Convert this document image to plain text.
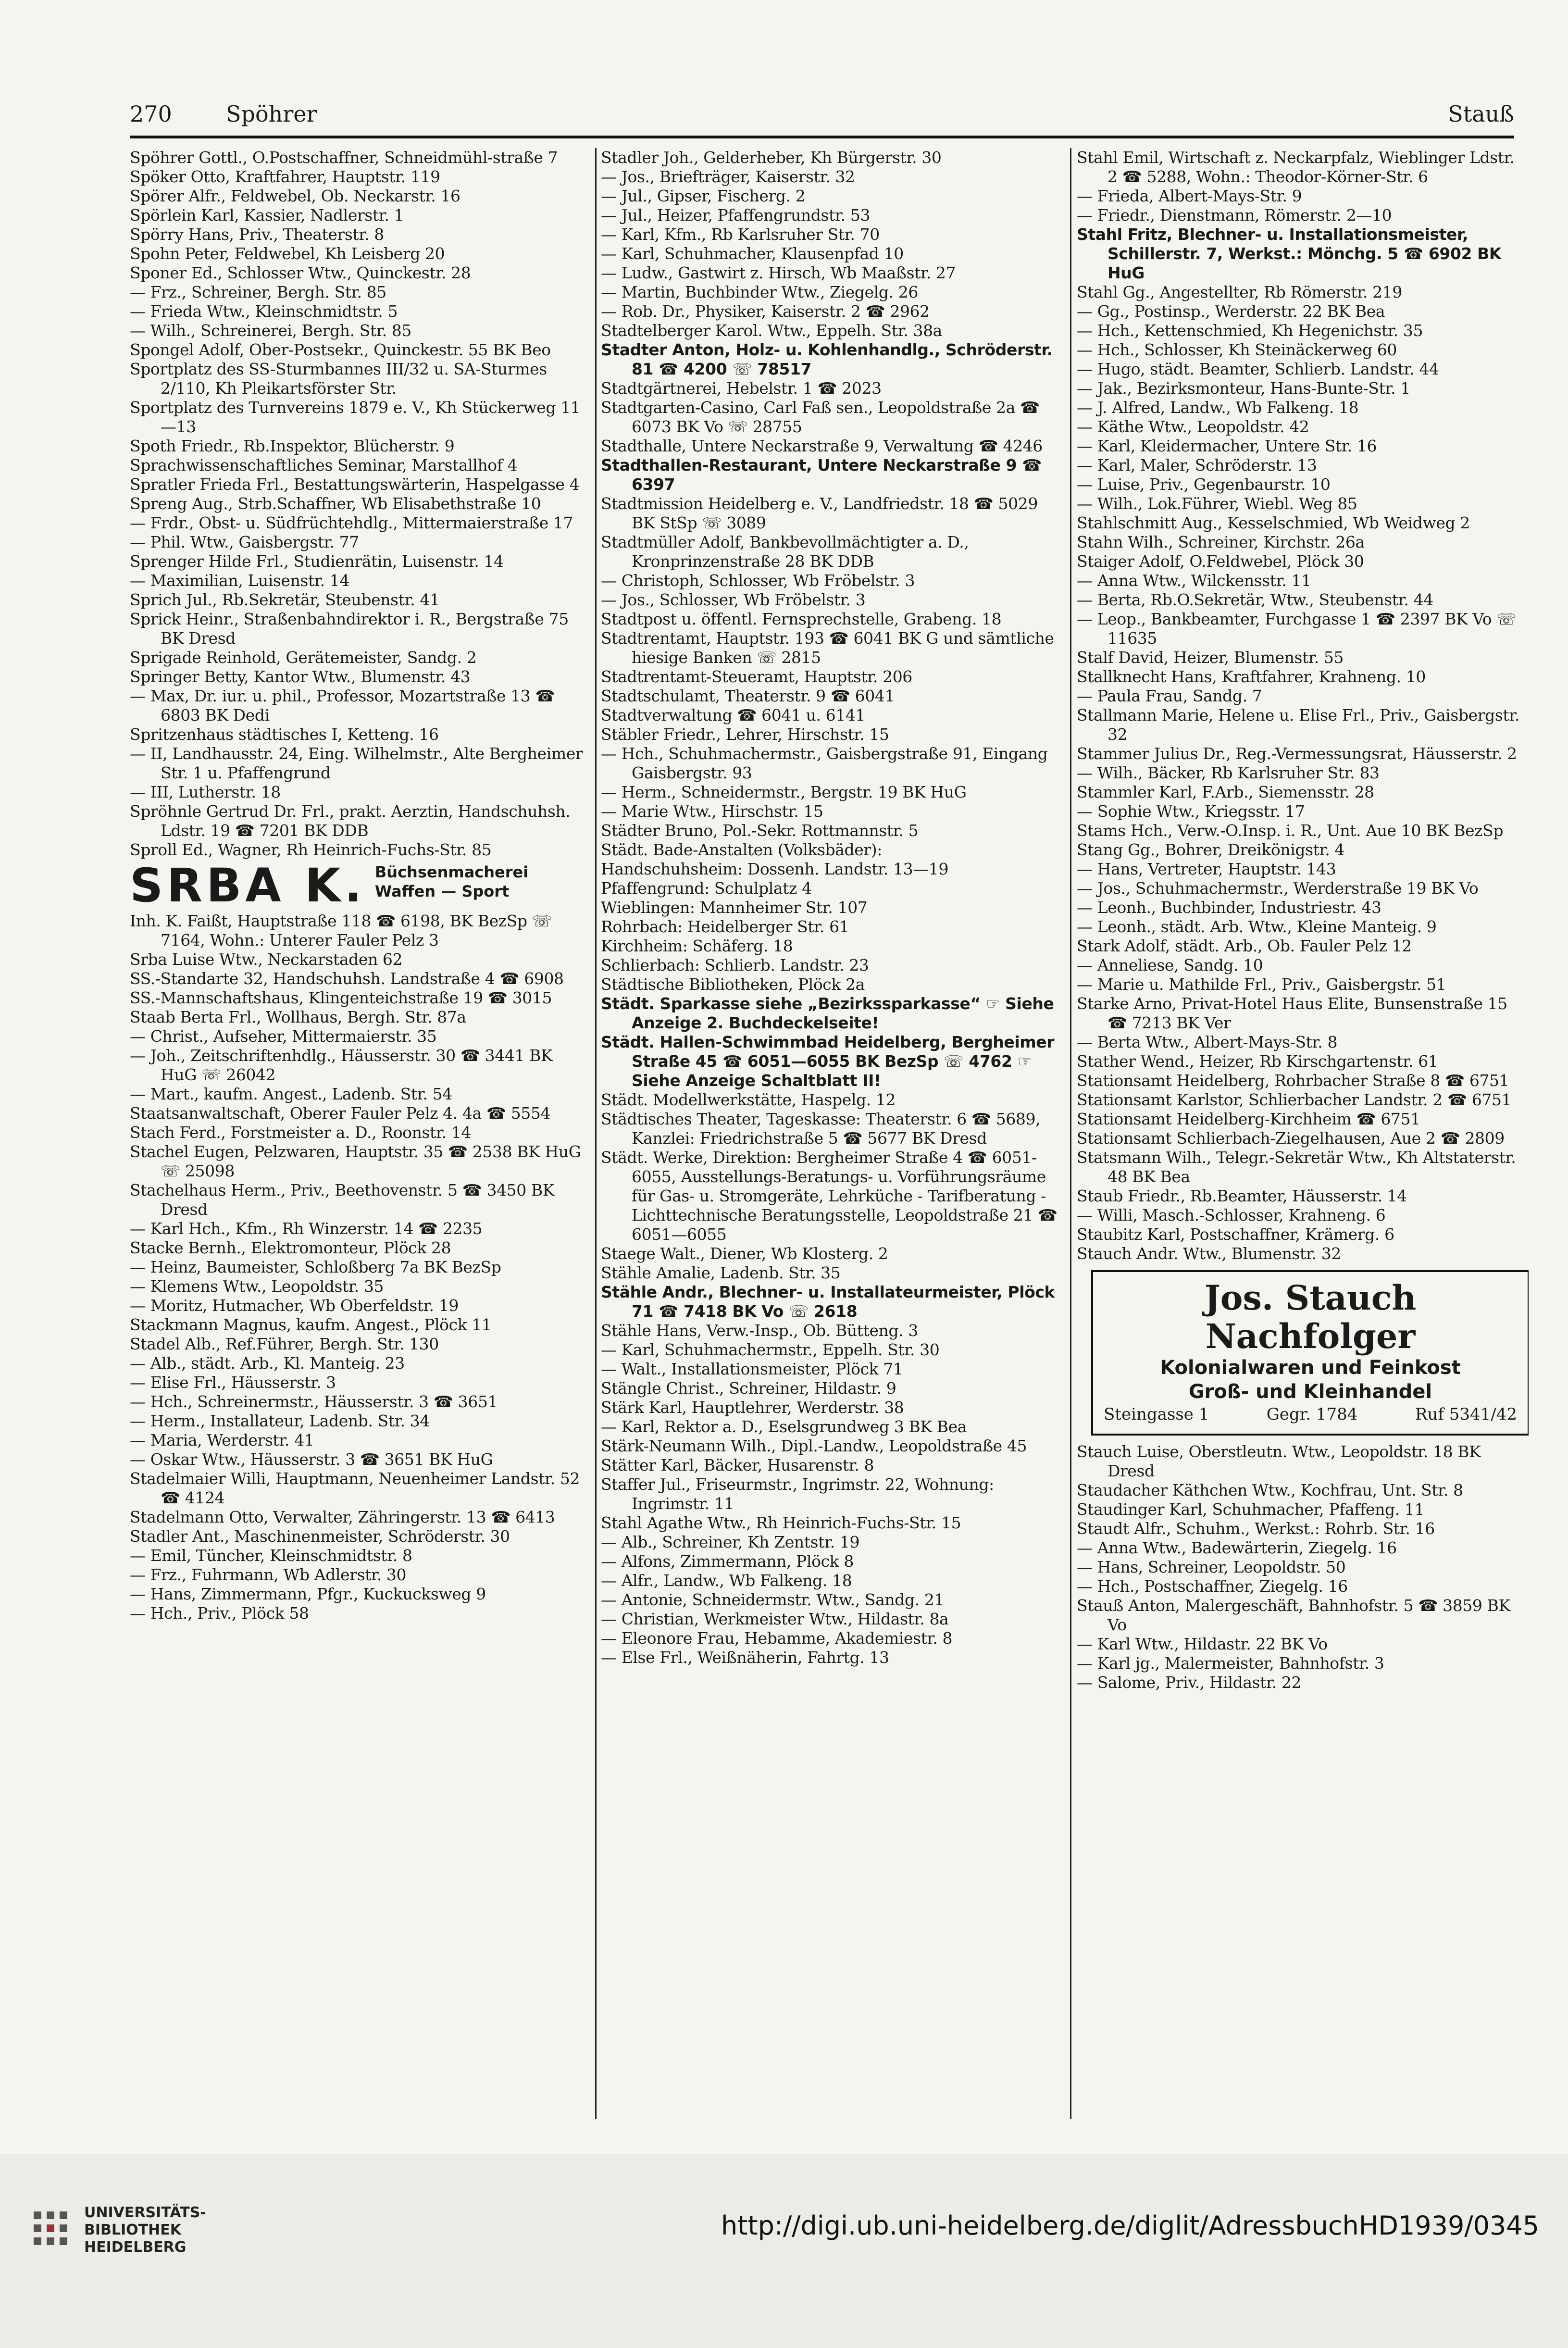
270 Spöhrer	Stauß

Spöhrer Gottl., O.Postschaffner, Schneidmühl-straße 7

Spöker Otto, Kraftfahrer, Hauptstr. 119

Spörer Alfr., Feldwebel, Ob. Neckarstr. 16

Spörlein Karl, Kassier, Nadlerstr. 1

Spörry Hans, Priv., Theaterstr. 8

Spohn Peter, Feldwebel, Kh Leisberg 20

Sponer Ed., Schlosser Wtw., Quinckestr. 28

— Frz., Schreiner, Bergh. Str. 85

— Frieda Wtw., Kleinschmidtstr. 5

— Wilh., Schreinerei, Bergh. Str. 85

Spongel Adolf, Ober-Postsekr., Quinckestr. 55 BK Beo

Sportplatz des SS-Sturmbannes III/32 u. SA-Sturmes 2/110, Kh Pleikartsförster Str.

Sportplatz des Turnvereins 1879 e. V., Kh Stückerweg 11—13

Spoth Friedr., Rb.Inspektor, Blücherstr. 9

Sprachwissenschaftliches Seminar, Marstallhof 4

Spratler Frieda Frl., Bestattungswärterin, Haspelgasse 4

Spreng Aug., Strb.Schaffner, Wb Elisabethstraße 10

— Frdr., Obst- u. Südfrüchtehdlg., Mittermaierstraße 17

— Phil. Wtw., Gaisbergstr. 77

Sprenger Hilde Frl., Studienrätin, Luisenstr. 14

— Maximilian, Luisenstr. 14

Sprich Jul., Rb.Sekretär, Steubenstr. 41

Sprick Heinr., Straßenbahndirektor i. R., Bergstraße 75 BK Dresd

Sprigade Reinhold, Gerätemeister, Sandg. 2

Springer Betty, Kantor Wtw., Blumenstr. 43

— Max, Dr. iur. u. phil., Professor, Mozartstraße 13 ☎ 6803 BK Dedi

Spritzenhaus städtisches I, Ketteng. 16

— II, Landhausstr. 24, Eing. Wilhelmstr., Alte Bergheimer Str. 1 u. Pfaffengrund

— III, Lutherstr. 18

Spröhnle Gertrud Dr. Frl., prakt. Aerztin, Handschuhsh. Ldstr. 19 ☎ 7201 BK DDB

Sproll Ed., Wagner, Rh Heinrich-Fuchs-Str. 85

SRBA K. Büchsenmacherei
Waffen — Sport

Inh. K. Faißt, Hauptstraße 118 ☎ 6198, BK BezSp ☏ 7164, Wohn.: Unterer Fauler Pelz 3

Srba Luise Wtw., Neckarstaden 62

SS.-Standarte 32, Handschuhsh. Landstraße 4 ☎ 6908

SS.-Mannschaftshaus, Klingenteichstraße 19 ☎ 3015

Staab Berta Frl., Wollhaus, Bergh. Str. 87a

— Christ., Aufseher, Mittermaierstr. 35

— Joh., Zeitschriftenhdlg., Häusserstr. 30 ☎ 3441 BK HuG ☏ 26042

— Mart., kaufm. Angest., Ladenb. Str. 54

Staatsanwaltschaft, Oberer Fauler Pelz 4. 4a ☎ 5554

Stach Ferd., Forstmeister a. D., Roonstr. 14

Stachel Eugen, Pelzwaren, Hauptstr. 35 ☎ 2538 BK HuG ☏ 25098

Stachelhaus Herm., Priv., Beethovenstr. 5 ☎ 3450 BK Dresd

— Karl Hch., Kfm., Rh Winzerstr. 14 ☎ 2235

Stacke Bernh., Elektromonteur, Plöck 28

— Heinz, Baumeister, Schloßberg 7a BK BezSp

— Klemens Wtw., Leopoldstr. 35

— Moritz, Hutmacher, Wb Oberfeldstr. 19

Stackmann Magnus, kaufm. Angest., Plöck 11

Stadel Alb., Ref.Führer, Bergh. Str. 130

— Alb., städt. Arb., Kl. Manteig. 23

— Elise Frl., Häusserstr. 3

— Hch., Schreinermstr., Häusserstr. 3 ☎ 3651

— Herm., Installateur, Ladenb. Str. 34

— Maria, Werderstr. 41

— Oskar Wtw., Häusserstr. 3 ☎ 3651 BK HuG

Stadelmaier Willi, Hauptmann, Neuenheimer Landstr. 52 ☎ 4124

Stadelmann Otto, Verwalter, Zähringerstr. 13 ☎ 6413

Stadler Ant., Maschinenmeister, Schröderstr. 30

— Emil, Tüncher, Kleinschmidtstr. 8

— Frz., Fuhrmann, Wb Adlerstr. 30

— Hans, Zimmermann, Pfgr., Kuckucksweg 9

— Hch., Priv., Plöck 58

Stadler Joh., Gelderheber, Kh Bürgerstr. 30

— Jos., Briefträger, Kaiserstr. 32

— Jul., Gipser, Fischerg. 2

— Jul., Heizer, Pfaffengrundstr. 53

— Karl, Kfm., Rb Karlsruher Str. 70

— Karl, Schuhmacher, Klausenpfad 10

— Ludw., Gastwirt z. Hirsch, Wb Maaßstr. 27

— Martin, Buchbinder Wtw., Ziegelg. 26

— Rob. Dr., Physiker, Kaiserstr. 2 ☎ 2962

Stadtelberger Karol. Wtw., Eppelh. Str. 38a

Stadter Anton, Holz- u. Kohlenhandlg., Schröderstr. 81 ☎ 4200 ☏ 78517

Stadtgärtnerei, Hebelstr. 1 ☎ 2023

Stadtgarten-Casino, Carl Faß sen., Leopoldstraße 2a ☎ 6073 BK Vo ☏ 28755

Stadthalle, Untere Neckarstraße 9, Verwaltung ☎ 4246

Stadthallen-Restaurant, Untere Neckarstraße 9 ☎ 6397

Stadtmission Heidelberg e. V., Landfriedstr. 18 ☎ 5029 BK StSp ☏ 3089

Stadtmüller Adolf, Bankbevollmächtigter a. D., Kronprinzenstraße 28 BK DDB

— Christoph, Schlosser, Wb Fröbelstr. 3

— Jos., Schlosser, Wb Fröbelstr. 3

Stadtpost u. öffentl. Fernsprechstelle, Grabeng. 18

Stadtrentamt, Hauptstr. 193 ☎ 6041 BK G und sämtliche hiesige Banken ☏ 2815

Stadtrentamt-Steueramt, Hauptstr. 206

Stadtschulamt, Theaterstr. 9 ☎ 6041

Stadtverwaltung ☎ 6041 u. 6141

Stäbler Friedr., Lehrer, Hirschstr. 15

— Hch., Schuhmachermstr., Gaisbergstraße 91, Eingang Gaisbergstr. 93

— Herm., Schneidermstr., Bergstr. 19 BK HuG

— Marie Wtw., Hirschstr. 15

Städter Bruno, Pol.-Sekr. Rottmannstr. 5

Städt. Bade-Anstalten (Volksbäder):

Handschuhsheim: Dossenh. Landstr. 13—19

Pfaffengrund: Schulplatz 4

Wieblingen: Mannheimer Str. 107

Rohrbach: Heidelberger Str. 61

Kirchheim: Schäferg. 18

Schlierbach: Schlierb. Landstr. 23

Städtische Bibliotheken, Plöck 2a

Städt. Sparkasse siehe „Bezirkssparkasse“ ☞ Siehe Anzeige 2. Buchdeckelseite!

Städt. Hallen-Schwimmbad Heidelberg, Bergheimer Straße 45 ☎ 6051—6055 BK BezSp ☏ 4762 ☞ Siehe Anzeige Schaltblatt II!

Städt. Modellwerkstätte, Haspelg. 12

Städtisches Theater, Tageskasse: Theaterstr. 6 ☎ 5689, Kanzlei: Friedrichstraße 5 ☎ 5677 BK Dresd

Städt. Werke, Direktion: Bergheimer Straße 4 ☎ 6051-6055, Ausstellungs-Beratungs- u. Vorführungsräume für Gas- u. Stromgeräte, Lehrküche - Tarifberatung - Lichttechnische Beratungsstelle, Leopoldstraße 21 ☎ 6051—6055

Staege Walt., Diener, Wb Klosterg. 2

Stähle Amalie, Ladenb. Str. 35

Stähle Andr., Blechner- u. Installateurmeister, Plöck 71 ☎ 7418 BK Vo ☏ 2618

Stähle Hans, Verw.-Insp., Ob. Bütteng. 3

— Karl, Schuhmachermstr., Eppelh. Str. 30

— Walt., Installationsmeister, Plöck 71

Stängle Christ., Schreiner, Hildastr. 9

Stärk Karl, Hauptlehrer, Werderstr. 38

— Karl, Rektor a. D., Eselsgrundweg 3 BK Bea

Stärk-Neumann Wilh., Dipl.-Landw., Leopoldstraße 45

Stätter Karl, Bäcker, Husarenstr. 8

Staffer Jul., Friseurmstr., Ingrimstr. 22, Wohnung: Ingrimstr. 11

Stahl Agathe Wtw., Rh Heinrich-Fuchs-Str. 15

— Alb., Schreiner, Kh Zentstr. 19

— Alfons, Zimmermann, Plöck 8

— Alfr., Landw., Wb Falkeng. 18

— Antonie, Schneidermstr. Wtw., Sandg. 21

— Christian, Werkmeister Wtw., Hildastr. 8a

— Eleonore Frau, Hebamme, Akademiestr. 8

— Else Frl., Weißnäherin, Fahrtg. 13

Stahl Emil, Wirtschaft z. Neckarpfalz, Wieblinger Ldstr. 2 ☎ 5288, Wohn.: Theodor-Körner-Str. 6

— Frieda, Albert-Mays-Str. 9

— Friedr., Dienstmann, Römerstr. 2—10

Stahl Fritz, Blechner- u. Installationsmeister, Schillerstr. 7, Werkst.: Mönchg. 5 ☎ 6902 BK HuG

Stahl Gg., Angestellter, Rb Römerstr. 219

— Gg., Postinsp., Werderstr. 22 BK Bea

— Hch., Kettenschmied, Kh Hegenichstr. 35

— Hch., Schlosser, Kh Steinäckerweg 60

— Hugo, städt. Beamter, Schlierb. Landstr. 44

— Jak., Bezirksmonteur, Hans-Bunte-Str. 1

— J. Alfred, Landw., Wb Falkeng. 18

— Käthe Wtw., Leopoldstr. 42

— Karl, Kleidermacher, Untere Str. 16

— Karl, Maler, Schröderstr. 13

— Luise, Priv., Gegenbaurstr. 10

— Wilh., Lok.Führer, Wiebl. Weg 85

Stahlschmitt Aug., Kesselschmied, Wb Weidweg 2

Stahn Wilh., Schreiner, Kirchstr. 26a

Staiger Adolf, O.Feldwebel, Plöck 30

— Anna Wtw., Wilckensstr. 11

— Berta, Rb.O.Sekretär, Wtw., Steubenstr. 44

— Leop., Bankbeamter, Furchgasse 1 ☎ 2397 BK Vo ☏ 11635

Stalf David, Heizer, Blumenstr. 55

Stallknecht Hans, Kraftfahrer, Krahneng. 10

— Paula Frau, Sandg. 7

Stallmann Marie, Helene u. Elise Frl., Priv., Gaisbergstr. 32

Stammer Julius Dr., Reg.-Vermessungsrat, Häusserstr. 2

— Wilh., Bäcker, Rb Karlsruher Str. 83

Stammler Karl, F.Arb., Siemensstr. 28

— Sophie Wtw., Kriegsstr. 17

Stams Hch., Verw.-O.Insp. i. R., Unt. Aue 10 BK BezSp

Stang Gg., Bohrer, Dreikönigstr. 4

— Hans, Vertreter, Hauptstr. 143

— Jos., Schuhmachermstr., Werderstraße 19 BK Vo

— Leonh., Buchbinder, Industriestr. 43

— Leonh., städt. Arb. Wtw., Kleine Manteig. 9

Stark Adolf, städt. Arb., Ob. Fauler Pelz 12

— Anneliese, Sandg. 10

— Marie u. Mathilde Frl., Priv., Gaisbergstr. 51

Starke Arno, Privat-Hotel Haus Elite, Bunsenstraße 15 ☎ 7213 BK Ver

— Berta Wtw., Albert-Mays-Str. 8

Stather Wend., Heizer, Rb Kirschgartenstr. 61

Stationsamt Heidelberg, Rohrbacher Straße 8 ☎ 6751

Stationsamt Karlstor, Schlierbacher Landstr. 2 ☎ 6751

Stationsamt Heidelberg-Kirchheim ☎ 6751

Stationsamt Schlierbach-Ziegelhausen, Aue 2 ☎ 2809

Statsmann Wilh., Telegr.-Sekretär Wtw., Kh Altstaterstr. 48 BK Bea

Staub Friedr., Rb.Beamter, Häusserstr. 14

— Willi, Masch.-Schlosser, Krahneng. 6

Staubitz Karl, Postschaffner, Krämerg. 6

Stauch Andr. Wtw., Blumenstr. 32

Jos. Stauch Nachfolger
Kolonialwaren und Feinkost
Groß- und Kleinhandel
Steingasse 1	Gegr. 1784	Ruf 5341/42

Stauch Luise, Oberstleutn. Wtw., Leopoldstr. 18 BK Dresd

Staudacher Käthchen Wtw., Kochfrau, Unt. Str. 8

Staudinger Karl, Schuhmacher, Pfaffeng. 11

Staudt Alfr., Schuhm., Werkst.: Rohrb. Str. 16

— Anna Wtw., Badewärterin, Ziegelg. 16

— Hans, Schreiner, Leopoldstr. 50

— Hch., Postschaffner, Ziegelg. 16

Stauß Anton, Malergeschäft, Bahnhofstr. 5 ☎ 3859 BK Vo

— Karl Wtw., Hildastr. 22 BK Vo

— Karl jg., Malermeister, Bahnhofstr. 3

— Salome, Priv., Hildastr. 22

UNIVERSITÄTS-
BIBLIOTHEK
HEIDELBERG
http://digi.ub.uni-heidelberg.de/diglit/AdressbuchHD1939/0345
